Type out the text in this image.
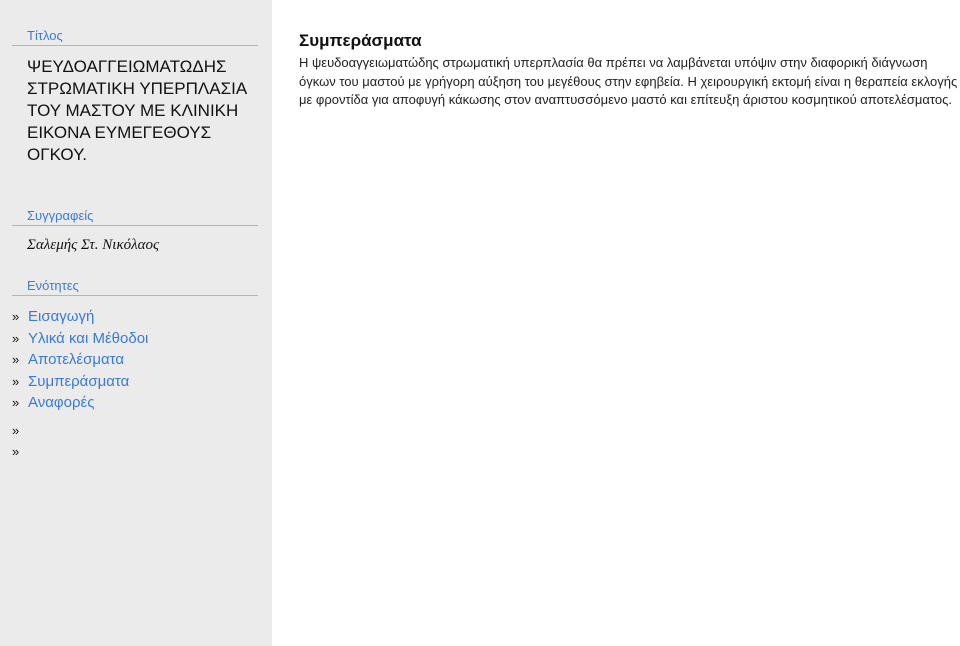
Τίτλος
ΨΕΥΔΟΑΓΓΕΙΩΜΑΤΩΔΗΣ ΣΤΡΩΜΑΤΙΚΗ ΥΠΕΡΠΛΑΣΙΑ ΤΟΥ ΜΑΣΤΟΥ ΜΕ ΚΛΙΝΙΚΗ ΕΙΚΟΝΑ ΕΥΜΕΓΕΘΟΥΣ ΟΓΚΟΥ.
Συγγραφείς
Σαλεμής Στ. Νικόλαος
Ενότητες
» Εισαγωγή
» Υλικά και Μέθοδοι
» Αποτελέσματα
» Συμπεράσματα
» Αναφορές
»
»
Συμπεράσματα

Η ψευδοαγγειωματώδης στρωματική υπερπλασία θα πρέπει να λαμβάνεται υπόψιν στην διαφορική διάγνωση όγκων του μαστού με γρήγορη αύξηση του μεγέθους στην εφηβεία. Η χειρουργική εκτομή είναι η θεραπεία εκλογής με φροντίδα για αποφυγή κάκωσης στον αναπτυσσόμενο μαστό και επίτευξη άριστου κοσμητικού αποτελέσματος.
